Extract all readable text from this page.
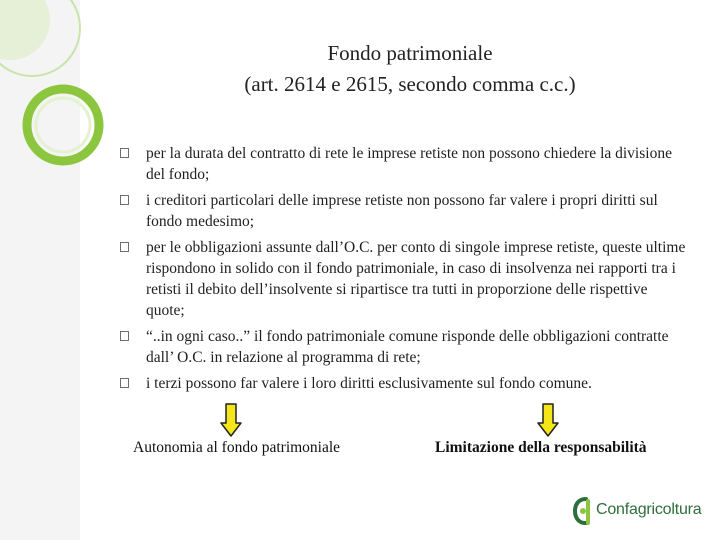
Fondo patrimoniale
(art. 2614 e 2615, secondo comma c.c.)
per la durata del contratto di rete le imprese retiste non possono chiedere la divisione del fondo;
i creditori particolari delle imprese retiste non possono far valere i propri diritti sul fondo medesimo;
per le obbligazioni assunte dall’O.C. per conto di singole imprese retiste, queste ultime rispondono in solido con il fondo patrimoniale, in caso di insolvenza nei rapporti tra i retisti il debito dell’insolvente si ripartisce tra tutti in proporzione delle rispettive quote;
“..in ogni caso..” il fondo patrimoniale comune risponde delle obbligazioni contratte dall’ O.C. in relazione al programma di rete;
i terzi possono far valere i loro diritti esclusivamente sul fondo comune.
Autonomia al fondo patrimoniale	Limitazione della responsabilità
Confagricoltura
